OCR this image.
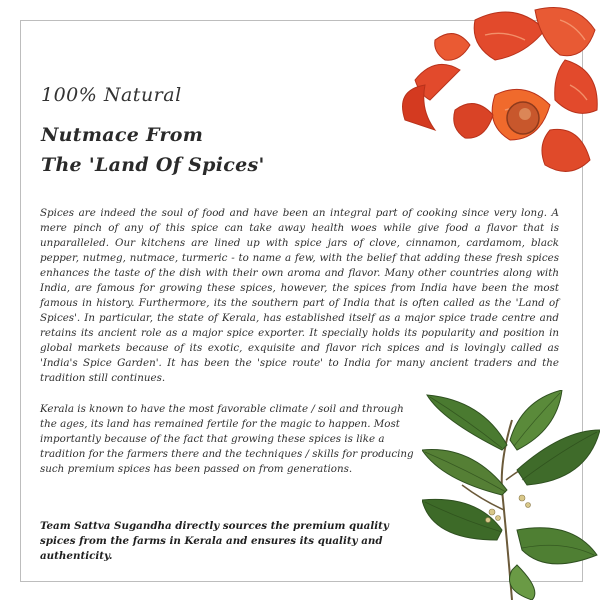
100% Natural
Nutmace From
The 'Land Of Spices'

Spices are indeed the soul of food and have been an integral part of cooking since very long. A mere pinch of any of this spice can take away health woes while give food a flavor that is unparalleled. Our kitchens are lined up with spice jars of clove, cinnamon, cardamom, black pepper, nutmeg, nutmace, turmeric - to name a few, with the belief that adding these fresh spices enhances the taste of the dish with their own aroma and flavor. Many other countries along with India, are famous for growing these spices, however, the spices from India have been the most famous in history. Furthermore, its the southern part of India that is often called as the 'Land of Spices'. In particular, the state of Kerala, has established itself as a major spice trade centre and retains its ancient role as a major spice exporter. It specially holds its popularity and position in global markets because of its exotic, exquisite and flavor rich spices and is lovingly called as 'India's Spice Garden'. It has been the 'spice route' to India for many ancient traders and the tradition still continues.

Kerala is known to have the most favorable climate / soil and through the ages, its land has remained fertile for the magic to happen. Most importantly because of the fact that growing these spices is like a tradition for the farmers there and the techniques / skills for producing such premium spices has been passed on from generations.

Team Sattva Sugandha directly sources the premium quality spices from the farms in Kerala and ensures its quality and authenticity.
